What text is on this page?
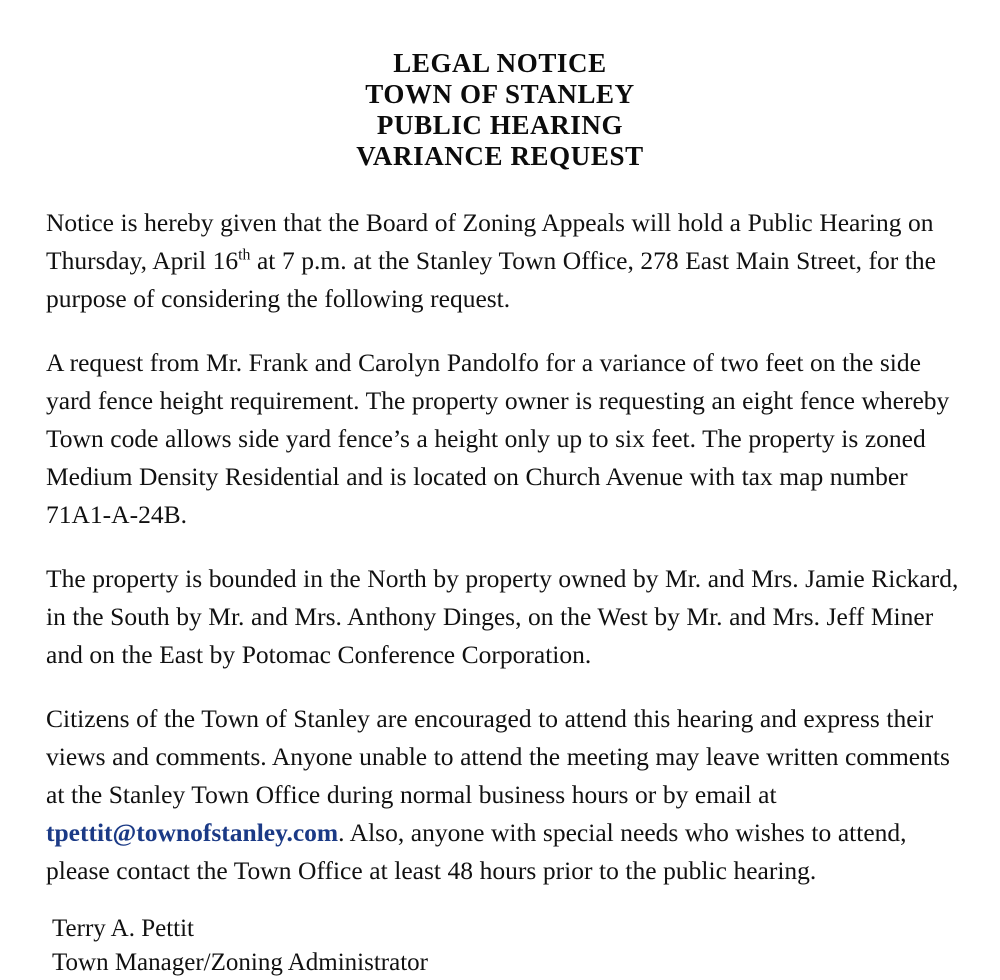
LEGAL NOTICE
TOWN OF STANLEY
PUBLIC HEARING
VARIANCE REQUEST

Notice is hereby given that the Board of Zoning Appeals will hold a Public Hearing on Thursday, April 16th at 7 p.m. at the Stanley Town Office, 278 East Main Street, for the purpose of considering the following request.

A request from Mr. Frank and Carolyn Pandolfo for a variance of two feet on the side yard fence height requirement. The property owner is requesting an eight fence whereby Town code allows side yard fence’s a height only up to six feet. The property is zoned Medium Density Residential and is located on Church Avenue with tax map number 71A1-A-24B.

The property is bounded in the North by property owned by Mr. and Mrs. Jamie Rickard, in the South by Mr. and Mrs. Anthony Dinges, on the West by Mr. and Mrs. Jeff Miner and on the East by Potomac Conference Corporation.

Citizens of the Town of Stanley are encouraged to attend this hearing and express their views and comments. Anyone unable to attend the meeting may leave written comments at the Stanley Town Office during normal business hours or by email at tpettit@townofstanley.com. Also, anyone with special needs who wishes to attend, please contact the Town Office at least 48 hours prior to the public hearing.

Terry A. Pettit
Town Manager/Zoning Administrator
